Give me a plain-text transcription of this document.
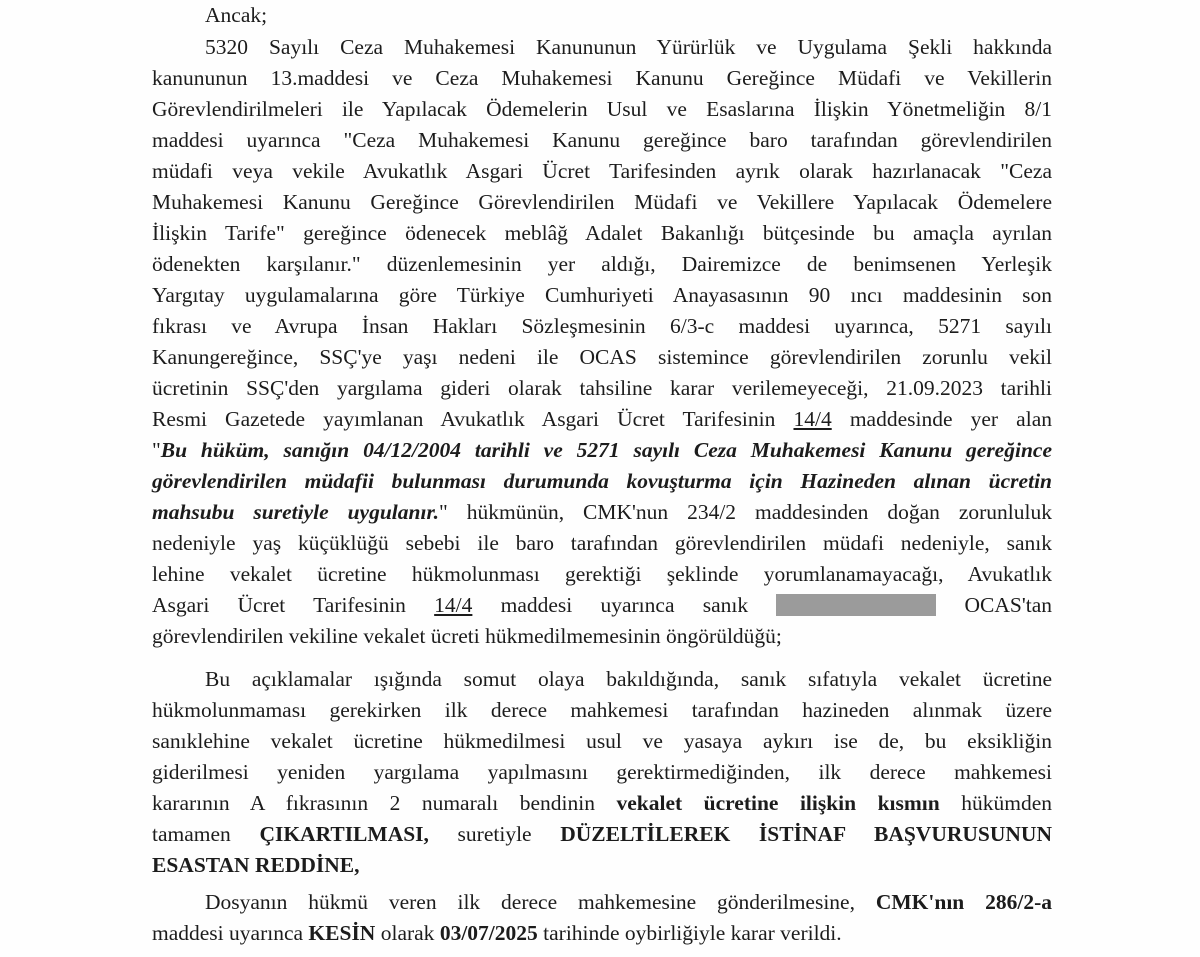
Ancak;
5320 Sayılı Ceza Muhakemesi Kanununun Yürürlük ve Uygulama Şekli hakkında
kanununun 13.maddesi ve Ceza Muhakemesi Kanunu Gereğince Müdafi ve Vekillerin
Görevlendirilmeleri ile Yapılacak Ödemelerin Usul ve Esaslarına İlişkin Yönetmeliğin 8/1
maddesi uyarınca "Ceza Muhakemesi Kanunu gereğince baro tarafından görevlendirilen
müdafi veya vekile Avukatlık Asgari Ücret Tarifesinden ayrık olarak hazırlanacak "Ceza
Muhakemesi Kanunu Gereğince Görevlendirilen Müdafi ve Vekillere Yapılacak Ödemelere
İlişkin Tarife" gereğince ödenecek meblâğ Adalet Bakanlığı bütçesinde bu amaçla ayrılan
ödenekten karşılanır." düzenlemesinin yer aldığı, Dairemizce de benimsenen Yerleşik
Yargıtay uygulamalarına göre Türkiye Cumhuriyeti Anayasasının 90 ıncı maddesinin son
fıkrası ve Avrupa İnsan Hakları Sözleşmesinin 6/3-c maddesi uyarınca, 5271 sayılı
Kanungereğince, SSÇ'ye yaşı nedeni ile OCAS sistemince görevlendirilen zorunlu vekil
ücretinin SSÇ'den yargılama gideri olarak tahsiline karar verilemeyeceği, 21.09.2023 tarihli
Resmi Gazetede yayımlanan Avukatlık Asgari Ücret Tarifesinin 14/4 maddesinde yer alan
"Bu hüküm, sanığın 04/12/2004 tarihli ve 5271 sayılı Ceza Muhakemesi Kanunu gereğince
görevlendirilen müdafii bulunması durumunda kovuşturma için Hazineden alınan ücretin
mahsubu suretiyle uygulanır." hükmünün, CMK'nun 234/2 maddesinden doğan zorunluluk
nedeniyle yaş küçüklüğü sebebi ile baro tarafından görevlendirilen müdafi nedeniyle, sanık
lehine vekalet ücretine hükmolunması gerektiği şeklinde yorumlanamayacağı, Avukatlık
Asgari Ücret Tarifesinin 14/4 maddesi uyarınca sanık	OCAS'tan
görevlendirilen vekiline vekalet ücreti hükmedilmemesinin öngörüldüğü;
Bu açıklamalar ışığında somut olaya bakıldığında, sanık sıfatıyla vekalet ücretine
hükmolunmaması gerekirken ilk derece mahkemesi tarafından hazineden alınmak üzere
sanıklehine vekalet ücretine hükmedilmesi usul ve yasaya aykırı ise de, bu eksikliğin
giderilmesi yeniden yargılama yapılmasını gerektirmediğinden, ilk derece mahkemesi
kararının A fıkrasının 2 numaralı bendinin vekalet ücretine ilişkin kısmın hükümden
tamamen ÇIKARTILMASI, suretiyle DÜZELTİLEREK İSTİNAF BAŞVURUSUNUN
ESASTAN REDDİNE,
Dosyanın hükmü veren ilk derece mahkemesine gönderilmesine, CMK'nın 286/2-a
maddesi uyarınca KESİN olarak 03/07/2025 tarihinde oybirliğiyle karar verildi.
